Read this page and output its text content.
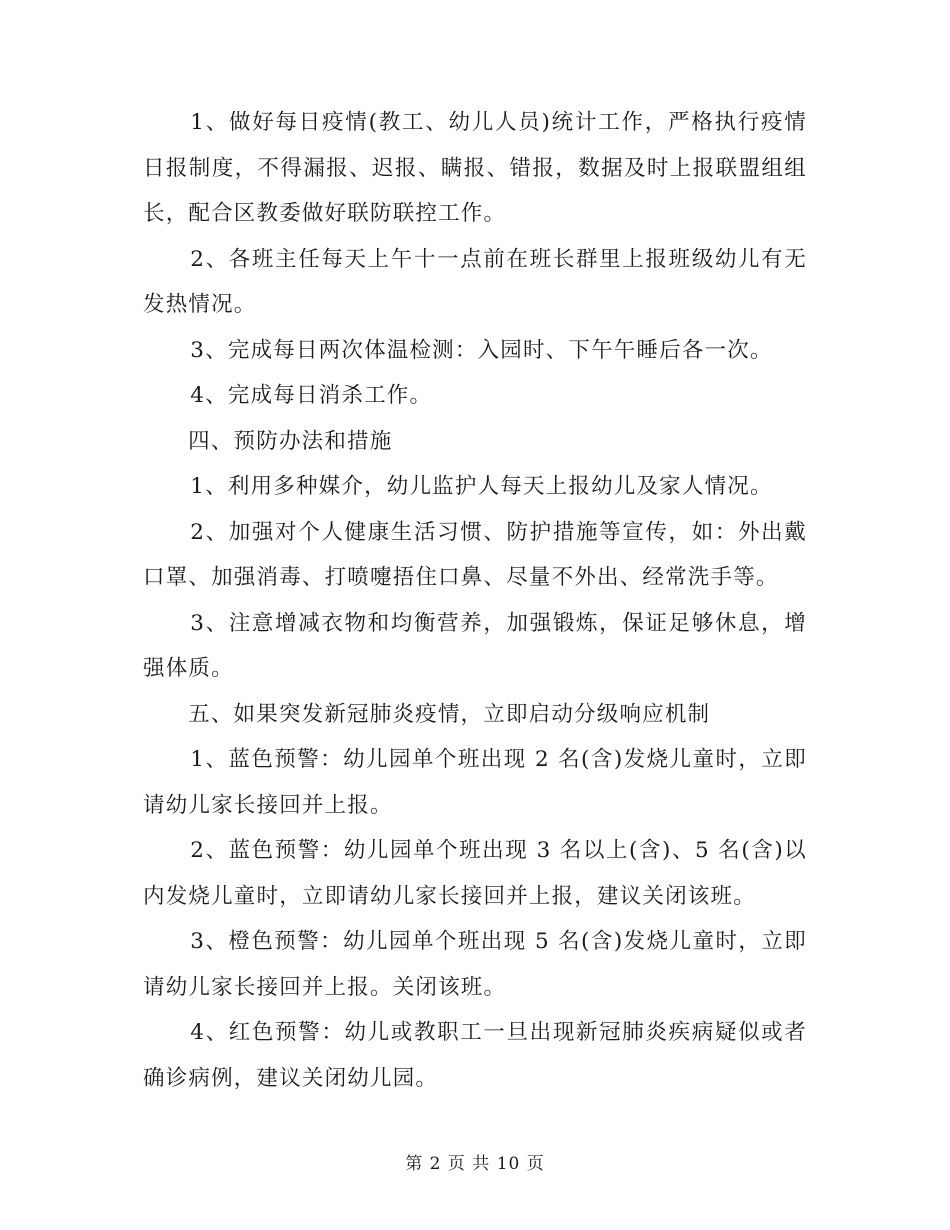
1、做好每日疫情(教工、幼儿人员)统计工作，严格执行疫情日报制度，不得漏报、迟报、瞒报、错报，数据及时上报联盟组组长，配合区教委做好联防联控工作。

2、各班主任每天上午十一点前在班长群里上报班级幼儿有无发热情况。

3、完成每日两次体温检测：入园时、下午午睡后各一次。

4、完成每日消杀工作。

四、预防办法和措施

1、利用多种媒介，幼儿监护人每天上报幼儿及家人情况。

2、加强对个人健康生活习惯、防护措施等宣传，如：外出戴口罩、加强消毒、打喷嚏捂住口鼻、尽量不外出、经常洗手等。

3、注意增减衣物和均衡营养，加强锻炼，保证足够休息，增强体质。

五、如果突发新冠肺炎疫情，立即启动分级响应机制

1、蓝色预警：幼儿园单个班出现 2 名(含)发烧儿童时，立即请幼儿家长接回并上报。

2、蓝色预警：幼儿园单个班出现 3 名以上(含)、5 名(含)以内发烧儿童时，立即请幼儿家长接回并上报，建议关闭该班。

3、橙色预警：幼儿园单个班出现 5 名(含)发烧儿童时，立即请幼儿家长接回并上报。关闭该班。

4、红色预警：幼儿或教职工一旦出现新冠肺炎疾病疑似或者确诊病例，建议关闭幼儿园。

第 2 页 共 10 页
